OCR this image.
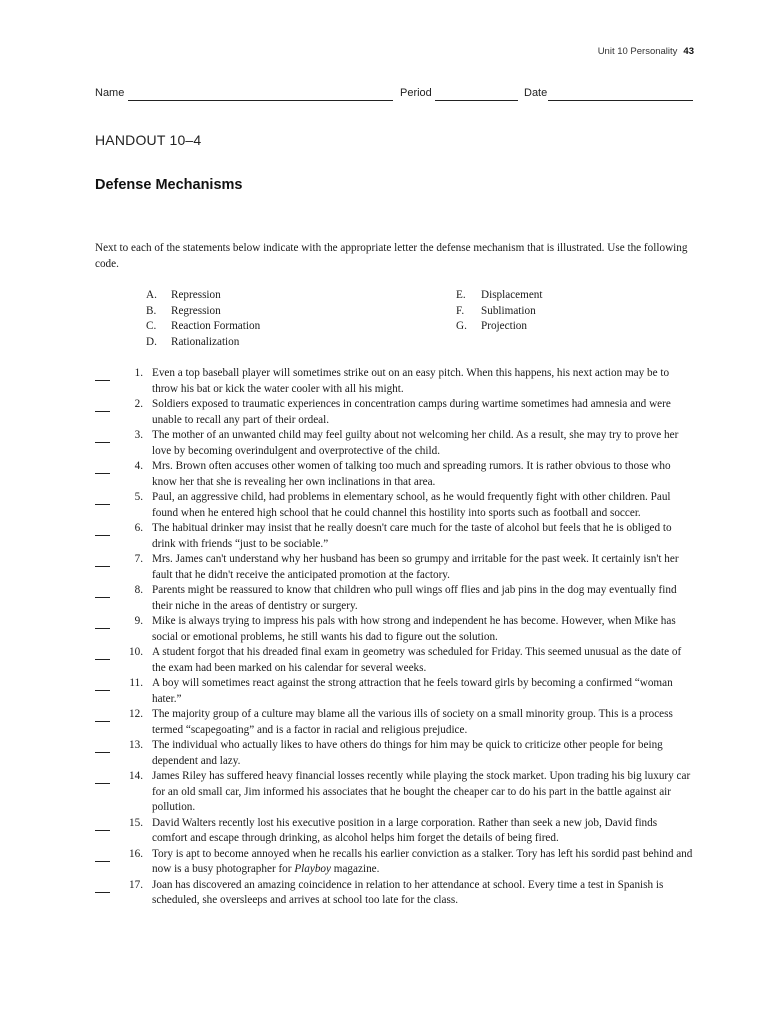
Unit 10 Personality 43
Name	Period	Date
HANDOUT 10–4
Defense Mechanisms

Next to each of the statements below indicate with the appropriate letter the defense mechanism that is illustrated. Use the following code.

A. Repression
B. Regression
C. Reaction Formation
D. Rationalization
E. Displacement
F. Sublimation
G. Projection
1. Even a top baseball player will sometimes strike out on an easy pitch. When this happens, his next action may be to throw his bat or kick the water cooler with all his might.
2. Soldiers exposed to traumatic experiences in concentration camps during wartime sometimes had amnesia and were unable to recall any part of their ordeal.
3. The mother of an unwanted child may feel guilty about not welcoming her child. As a result, she may try to prove her love by becoming overindulgent and overprotective of the child.
4. Mrs. Brown often accuses other women of talking too much and spreading rumors. It is rather obvious to those who know her that she is revealing her own inclinations in that area.
5. Paul, an aggressive child, had problems in elementary school, as he would frequently fight with other children. Paul found when he entered high school that he could channel this hostility into sports such as football and soccer.
6. The habitual drinker may insist that he really doesn't care much for the taste of alcohol but feels that he is obliged to drink with friends “just to be sociable.”
7. Mrs. James can't understand why her husband has been so grumpy and irritable for the past week. It certainly isn't her fault that he didn't receive the anticipated promotion at the factory.
8. Parents might be reassured to know that children who pull wings off flies and jab pins in the dog may eventually find their niche in the areas of dentistry or surgery.
9. Mike is always trying to impress his pals with how strong and independent he has become. However, when Mike has social or emotional problems, he still wants his dad to figure out the solution.
10. A student forgot that his dreaded final exam in geometry was scheduled for Friday. This seemed unusual as the date of the exam had been marked on his calendar for several weeks.
11. A boy will sometimes react against the strong attraction that he feels toward girls by becoming a confirmed “woman hater.”
12. The majority group of a culture may blame all the various ills of society on a small minority group. This is a process termed “scapegoating” and is a factor in racial and religious prejudice.
13. The individual who actually likes to have others do things for him may be quick to criticize other people for being dependent and lazy.
14. James Riley has suffered heavy financial losses recently while playing the stock market. Upon trading his big luxury car for an old small car, Jim informed his associates that he bought the cheaper car to do his part in the battle against air pollution.
15. David Walters recently lost his executive position in a large corporation. Rather than seek a new job, David finds comfort and escape through drinking, as alcohol helps him forget the details of being fired.
16. Tory is apt to become annoyed when he recalls his earlier conviction as a stalker. Tory has left his sordid past behind and now is a busy photographer for Playboy magazine.
17. Joan has discovered an amazing coincidence in relation to her attendance at school. Every time a test in Spanish is scheduled, she oversleeps and arrives at school too late for the class.
